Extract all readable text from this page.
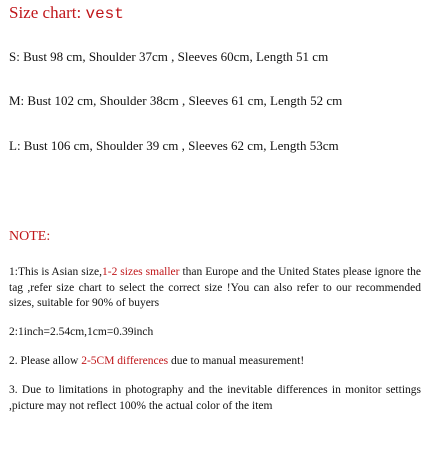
Size chart: vest
S: Bust 98 cm, Shoulder 37cm , Sleeves 60cm, Length 51 cm
M: Bust 102 cm, Shoulder 38cm , Sleeves 61 cm, Length 52 cm
L: Bust 106 cm, Shoulder 39 cm , Sleeves 62 cm, Length 53cm
NOTE:
1:This is Asian size,1-2 sizes smaller than Europe and the United States please ignore the tag ,refer size chart to select the correct size !You can also refer to our recommended sizes, suitable for 90% of buyers
2:1inch=2.54cm,1cm=0.39inch
2. Please allow 2-5CM differences due to manual measurement!
3. Due to limitations in photography and the inevitable differences in monitor settings ,picture may not reflect 100% the actual color of the item
